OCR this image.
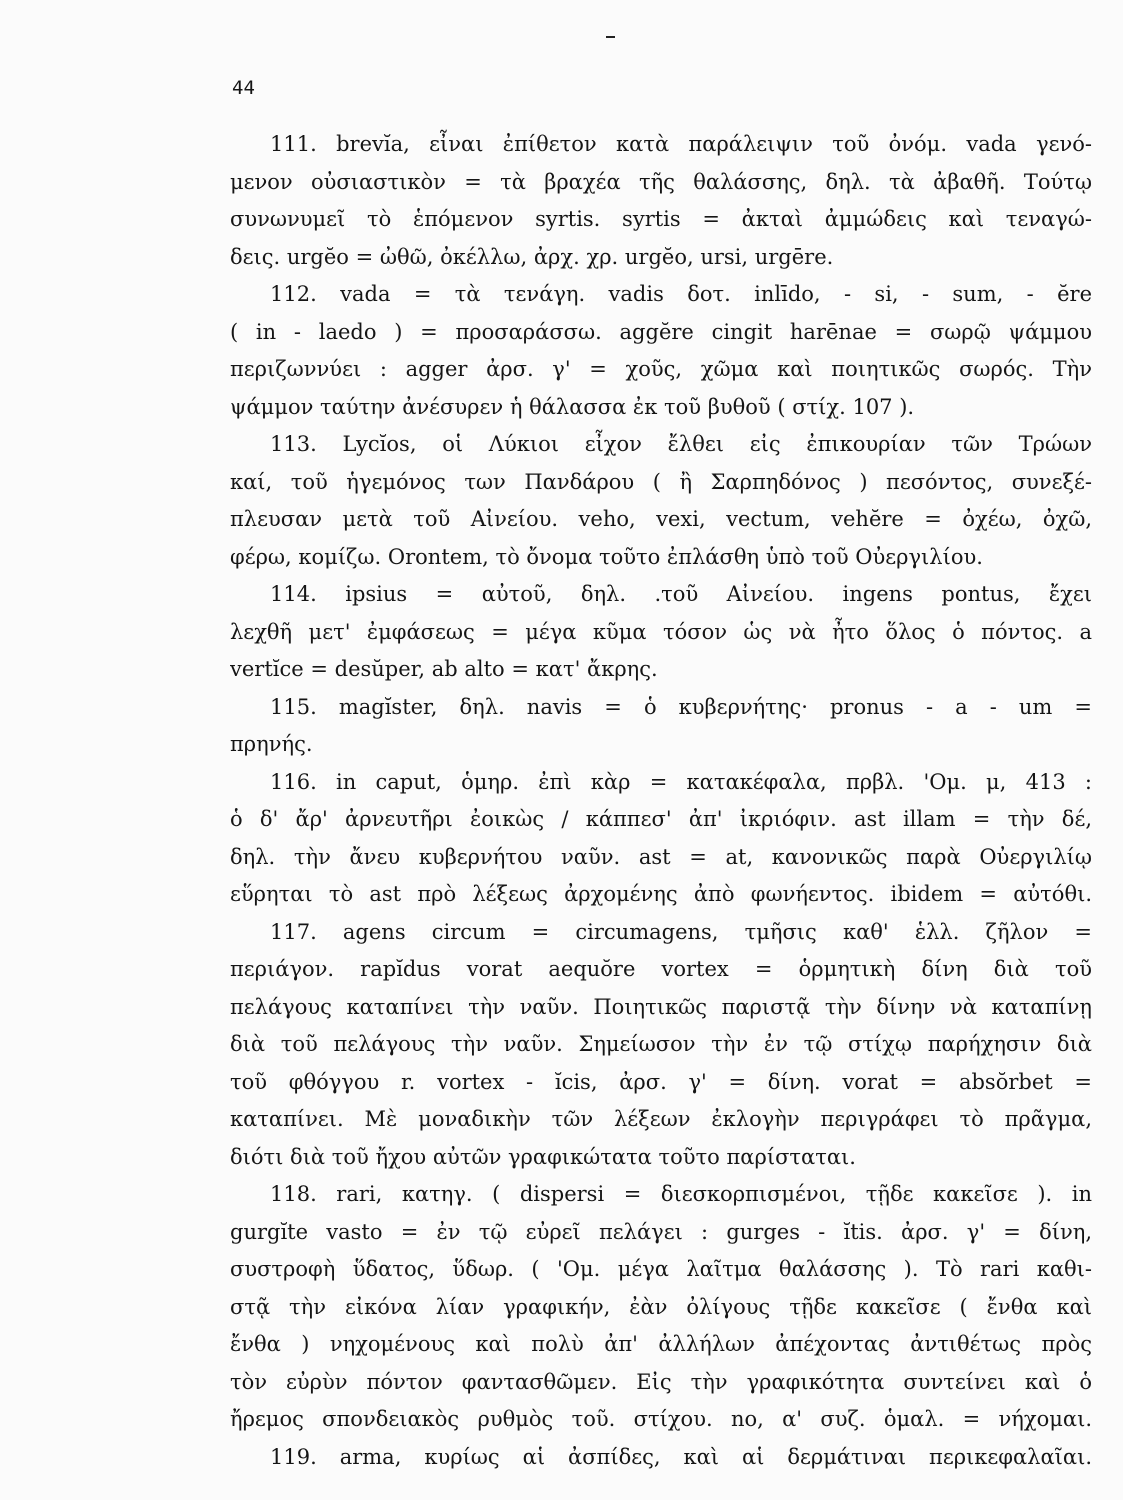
44
111. brevĭa, εἶναι ἐπίθετον κατὰ παράλειψιν τοῦ ὀνόμ. vada γενό-
μενον οὐσιαστικὸν = τὰ βραχέα τῆς θαλάσσης, δηλ. τὰ ἀβαθῆ. Τούτῳ
συνωνυμεῖ τὸ ἑπόμενον syrtis. syrtis = ἀκταὶ ἀμμώδεις καὶ τεναγώ-
δεις. urgĕo = ὠθῶ, ὀκέλλω, ἀρχ. χρ. urgĕo, ursi, urgēre.
112. vada = τὰ τενάγη. vadis δοτ. inlīdo, - si, - sum, - ĕre
( in - laedo ) = προσαράσσω. aggĕre cingit harēnae = σωρῷ ψάμμου
περιζωννύει : agger ἀρσ. γ' = χοῦς, χῶμα καὶ ποιητικῶς σωρός. Τὴν
ψάμμον ταύτην ἀνέσυρεν ἡ θάλασσα ἐκ τοῦ βυθοῦ ( στίχ. 107 ).
113. Lycĭos, οἱ Λύκιοι εἶχον ἔλθει εἰς ἐπικουρίαν τῶν Τρώων
καί, τοῦ ἡγεμόνος των Πανδάρου ( ἢ Σαρπηδόνος ) πεσόντος, συνεξέ-
πλευσαν μετὰ τοῦ Αἰνείου. veho, vexi, vectum, vehĕre = ὀχέω, ὀχῶ,
φέρω, κομίζω. Orontem, τὸ ὄνομα τοῦτο ἐπλάσθη ὑπὸ τοῦ Οὐεργιλίου.
114. ipsius = αὐτοῦ, δηλ. .τοῦ Αἰνείου. ingens pontus, ἔχει
λεχθῆ μετ' ἐμφάσεως = μέγα κῦμα τόσον ὡς νὰ ἦτο ὅλος ὁ πόντος. a
vertĭce = desŭper, ab alto = κατ' ἄκρης.
115. magĭster, δηλ. navis = ὁ κυβερνήτης· pronus - a - um =
πρηνής.
116. in caput, ὁμηρ. ἐπὶ κὰρ = κατακέφαλα, πρβλ. 'Ομ. μ, 413 :
ὁ δ' ἄρ' ἀρνευτῆρι ἐοικὼς / κάππεσ' ἀπ' ἰκριόφιν. ast illam = τὴν δέ,
δηλ. τὴν ἄνευ κυβερνήτου ναῦν. ast = at, κανονικῶς παρὰ Οὐεργιλίῳ
εὕρηται τὸ ast πρὸ λέξεως ἀρχομένης ἀπὸ φωνήεντος. ibidem = αὐτόθι.
117. agens circum = circumagens, τμῆσις καθ' ἑλλ. ζῆλον =
περιάγον. rapĭdus vorat aequŏre vortex = ὁρμητικὴ δίνη διὰ τοῦ
πελάγους καταπίνει τὴν ναῦν. Ποιητικῶς παριστᾷ τὴν δίνην νὰ καταπίνῃ
διὰ τοῦ πελάγους τὴν ναῦν. Σημείωσον τὴν ἐν τῷ στίχῳ παρήχησιν διὰ
τοῦ φθόγγου r. vortex - ĭcis, ἀρσ. γ' = δίνη. vorat = absŏrbet =
καταπίνει. Μὲ μοναδικὴν τῶν λέξεων ἐκλογὴν περιγράφει τὸ πρᾶγμα,
διότι διὰ τοῦ ἤχου αὐτῶν γραφικώτατα τοῦτο παρίσταται.
118. rari, κατηγ. ( dispersi = διεσκορπισμένοι, τῇδε κακεῖσε ). in
gurgĭte vasto = ἐν τῷ εὐρεῖ πελάγει : gurges - ĭtis. ἀρσ. γ' = δίνη,
συστροφὴ ὕδατος, ὕδωρ. ( 'Ομ. μέγα λαῖτμα θαλάσσης ). Τὸ rari καθι-
στᾷ τὴν εἰκόνα λίαν γραφικήν, ἐὰν ὀλίγους τῇδε κακεῖσε ( ἔνθα καὶ
ἔνθα ) νηχομένους καὶ πολὺ ἀπ' ἀλλήλων ἀπέχοντας ἀντιθέτως πρὸς
τὸν εὐρὺν πόντον φαντασθῶμεν. Εἰς τὴν γραφικότητα συντείνει καὶ ὁ
ἤρεμος σπονδειακὸς ρυθμὸς τοῦ. στίχου. no, α' συζ. ὁμαλ. = νήχομαι.
119. arma, κυρίως αἱ ἀσπίδες, καὶ αἱ δερμάτιναι περικεφαλαῖαι.
